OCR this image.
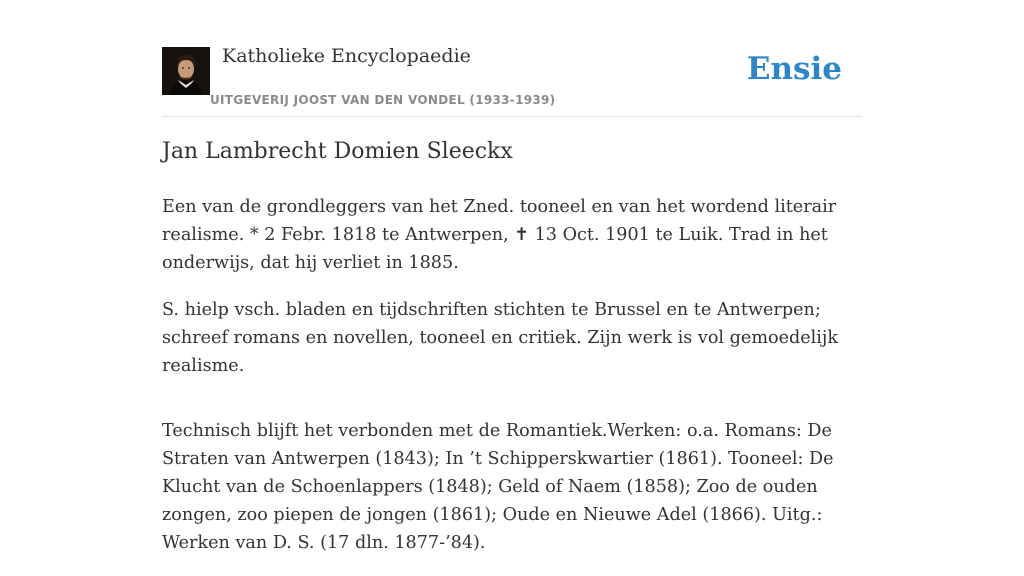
Katholieke Encyclopaedie
UITGEVERIJ JOOST VAN DEN VONDEL (1933-1939)
Ensie
Jan Lambrecht Domien Sleeckx

Een van de grondleggers van het Zned. tooneel en van het wordend literair realisme. * 2 Febr. 1818 te Antwerpen, ✝ 13 Oct. 1901 te Luik. Trad in het onderwijs, dat hij verliet in 1885.

S. hielp vsch. bladen en tijdschriften stichten te Brussel en te Antwerpen; schreef romans en novellen, tooneel en critiek. Zijn werk is vol gemoedelijk realisme.

Technisch blijft het verbonden met de Romantiek.Werken: o.a. Romans: De Straten van Antwerpen (1843); In ’t Schipperskwartier (1861). Tooneel: De Klucht van de Schoenlappers (1848); Geld of Naem (1858); Zoo de ouden zongen, zoo piepen de jongen (1861); Oude en Nieuwe Adel (1866). Uitg.: Werken van D. S. (17 dln. 1877-’84).
